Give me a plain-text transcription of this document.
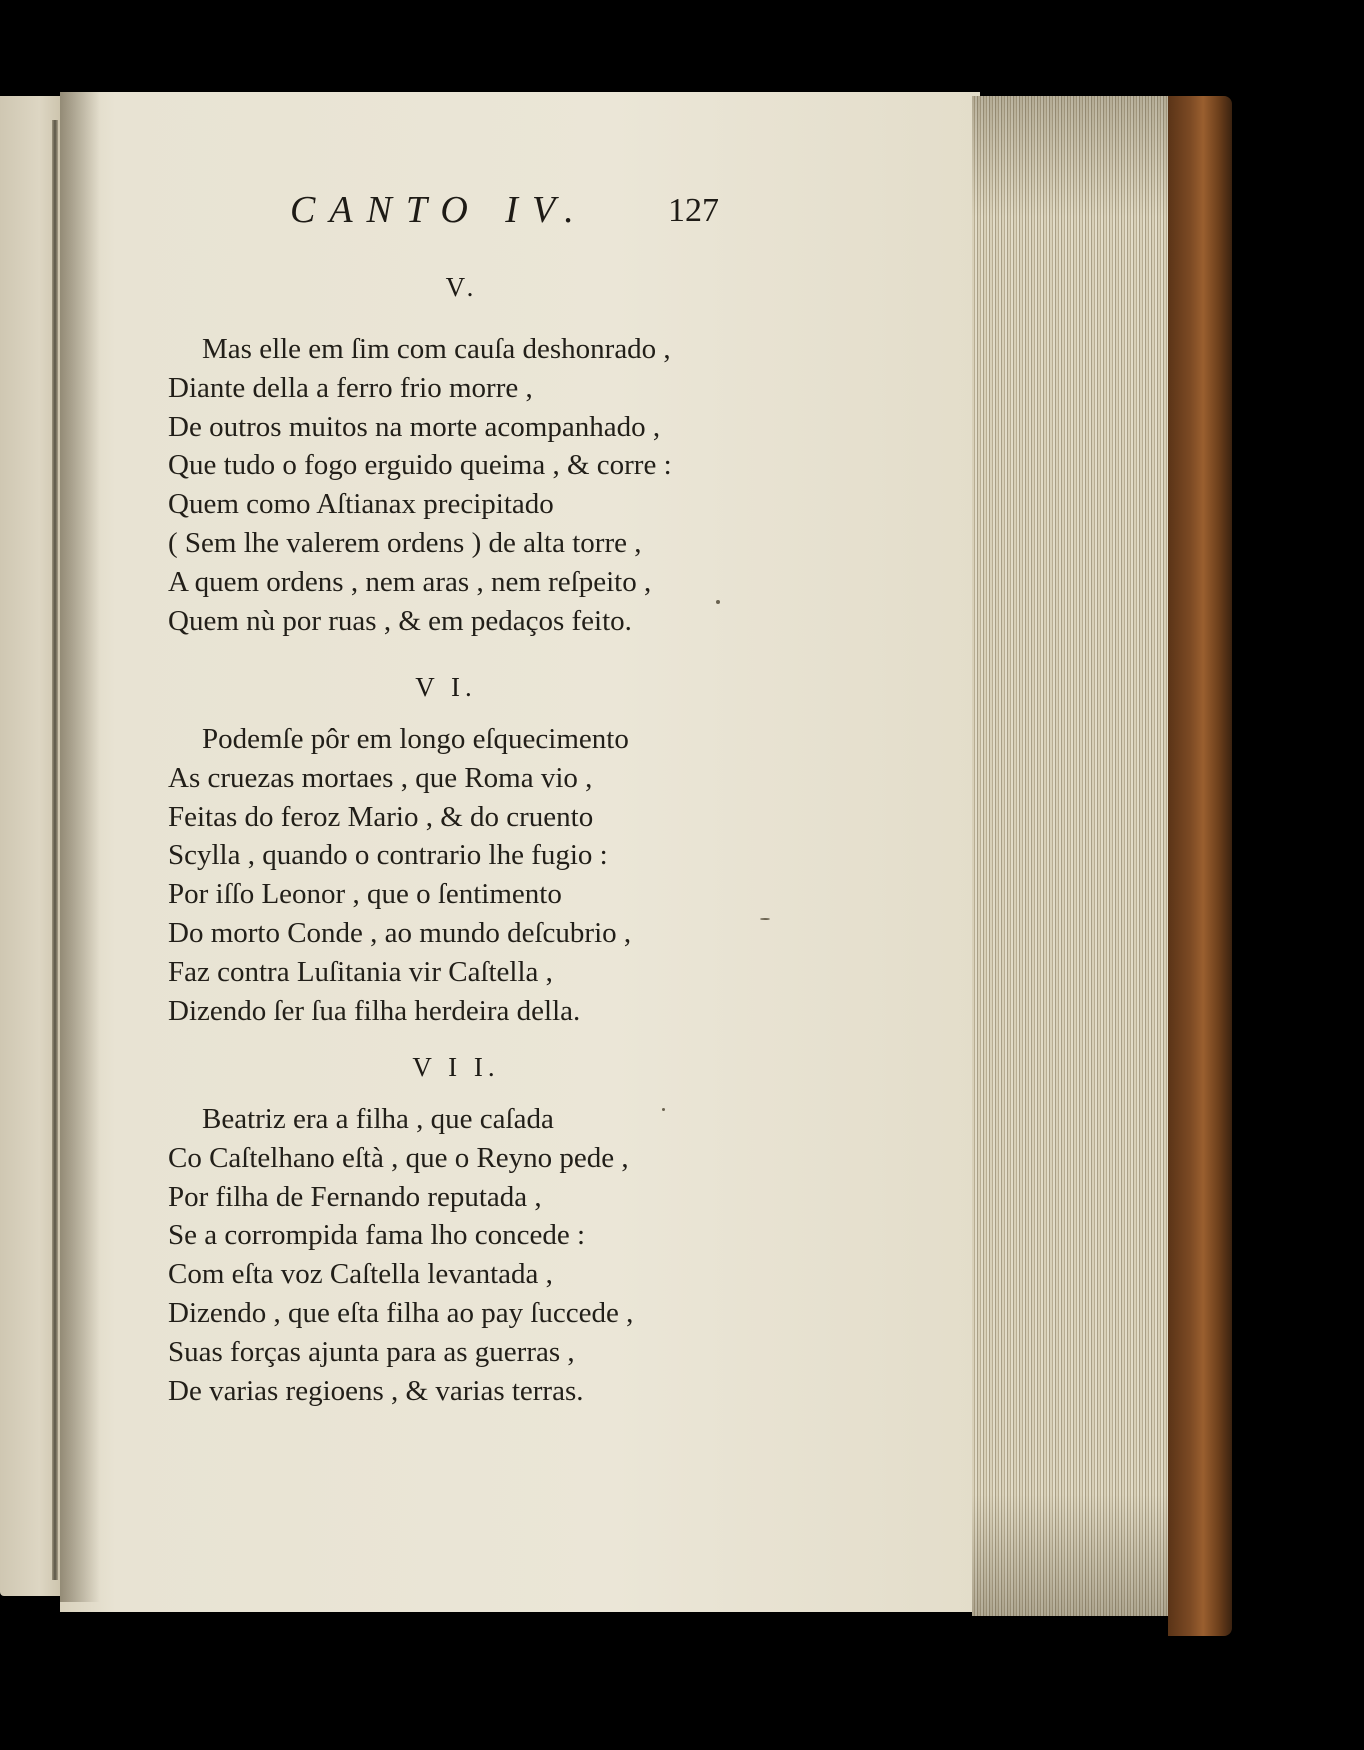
CANTO IV. 127
V.
Mas elle em ſim com cauſa deshonrado ,
Diante della a ferro frio morre ,
De outros muitos na morte acompanhado ,
Que tudo o fogo erguido queima , & corre :
Quem como Aſtianax precipitado
( Sem lhe valerem ordens ) de alta torre ,
A quem ordens , nem aras , nem reſpeito ,
Quem nù por ruas , & em pedaços feito.
V I.
Podemſe pôr em longo eſquecimento
As cruezas mortaes , que Roma vio ,
Feitas do feroz Mario , & do cruento
Scylla , quando o contrario lhe fugio :
Por iſſo Leonor , que o ſentimento
Do morto Conde , ao mundo deſcubrio ,
Faz contra Luſitania vir Caſtella ,
Dizendo ſer ſua filha herdeira della.
V I I.
Beatriz era a filha , que caſada
Co Caſtelhano eſtà , que o Reyno pede ,
Por filha de Fernando reputada ,
Se a corrompida fama lho concede :
Com eſta voz Caſtella levantada ,
Dizendo , que eſta filha ao pay ſuccede ,
Suas forças ajunta para as guerras ,
De varias regioens , & varias terras.
